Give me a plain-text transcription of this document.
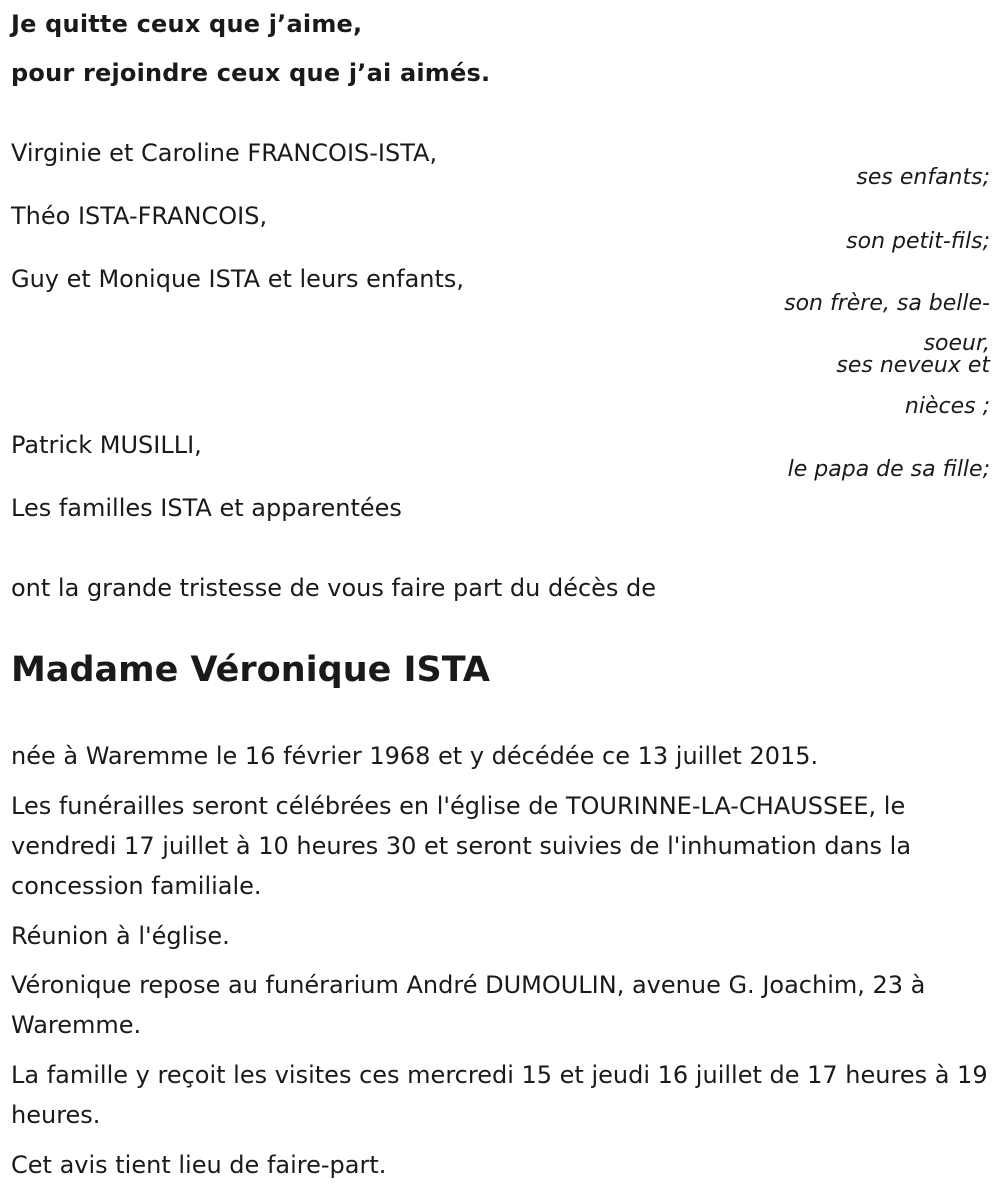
Je quitte ceux que j’aime,
pour rejoindre ceux que j’ai aimés.
Virginie et Caroline FRANCOIS-ISTA,
ses enfants;
Théo ISTA-FRANCOIS,
son petit-fils;
Guy et Monique ISTA et leurs enfants,
son frère, sa belle-
soeur,
ses neveux et
nièces ;
Patrick MUSILLI,
le papa de sa fille;
Les familles ISTA et apparentées
ont la grande tristesse de vous faire part du décès de
Madame Véronique ISTA
née à Waremme le 16 février 1968 et y décédée ce 13 juillet 2015.
Les funérailles seront célébrées en l'église de TOURINNE-LA-CHAUSSEE, le vendredi 17 juillet à 10 heures 30 et seront suivies de l'inhumation dans la concession familiale.
Réunion à l'église.
Véronique repose au funérarium André DUMOULIN, avenue G. Joachim, 23 à Waremme.
La famille y reçoit les visites ces mercredi 15 et jeudi 16 juillet de 17 heures à 19 heures.
Cet avis tient lieu de faire-part.
